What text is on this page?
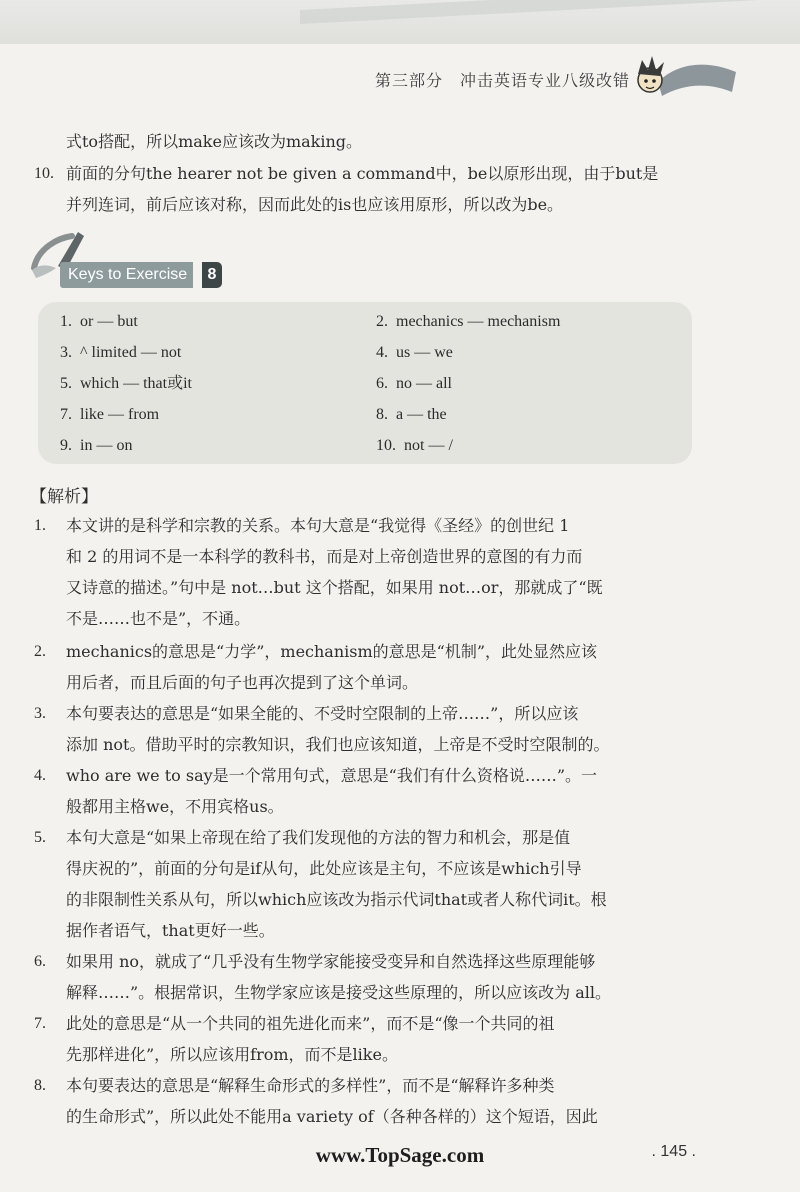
第三部分　冲击英语专业八级改错
式to搭配，所以make应该改为making。
10. 前面的分句the hearer not be given a command中，be以原形出现，由于but是
并列连词，前后应该对称，因而此处的is也应该用原形，所以改为be。
Keys to Exercise	8
1. or — but	2. mechanics — mechanism
3. ^ limited — not	4. us — we
5. which — that或it	6. no — all
7. like — from	8. a — the
9. in — on	10. not — /
【解析】
1.	本文讲的是科学和宗教的关系。本句大意是“我觉得《圣经》的创世纪 1
和 2 的用词不是一本科学的教科书，而是对上帝创造世界的意图的有力而
又诗意的描述。”句中是 not…but 这个搭配，如果用 not…or，那就成了“既
不是……也不是”，不通。
2.	mechanics的意思是“力学”，mechanism的意思是“机制”，此处显然应该
用后者，而且后面的句子也再次提到了这个单词。
3.	本句要表达的意思是“如果全能的、不受时空限制的上帝……”，所以应该
添加 not。借助平时的宗教知识，我们也应该知道，上帝是不受时空限制的。
4.	who are we to say是一个常用句式，意思是“我们有什么资格说……”。一
般都用主格we，不用宾格us。
5.	本句大意是“如果上帝现在给了我们发现他的方法的智力和机会，那是值
得庆祝的”，前面的分句是if从句，此处应该是主句，不应该是which引导
的非限制性关系从句，所以which应该改为指示代词that或者人称代词it。根
据作者语气，that更好一些。
6.	如果用 no，就成了“几乎没有生物学家能接受变异和自然选择这些原理能够
解释……”。根据常识，生物学家应该是接受这些原理的，所以应该改为 all。
7.	此处的意思是“从一个共同的祖先进化而来”，而不是“像一个共同的祖
先那样进化”，所以应该用from，而不是like。
8.	本句要表达的意思是“解释生命形式的多样性”，而不是“解释许多种类
的生命形式”，所以此处不能用a variety of（各种各样的）这个短语，因此
www.TopSage.com	. 145 .
